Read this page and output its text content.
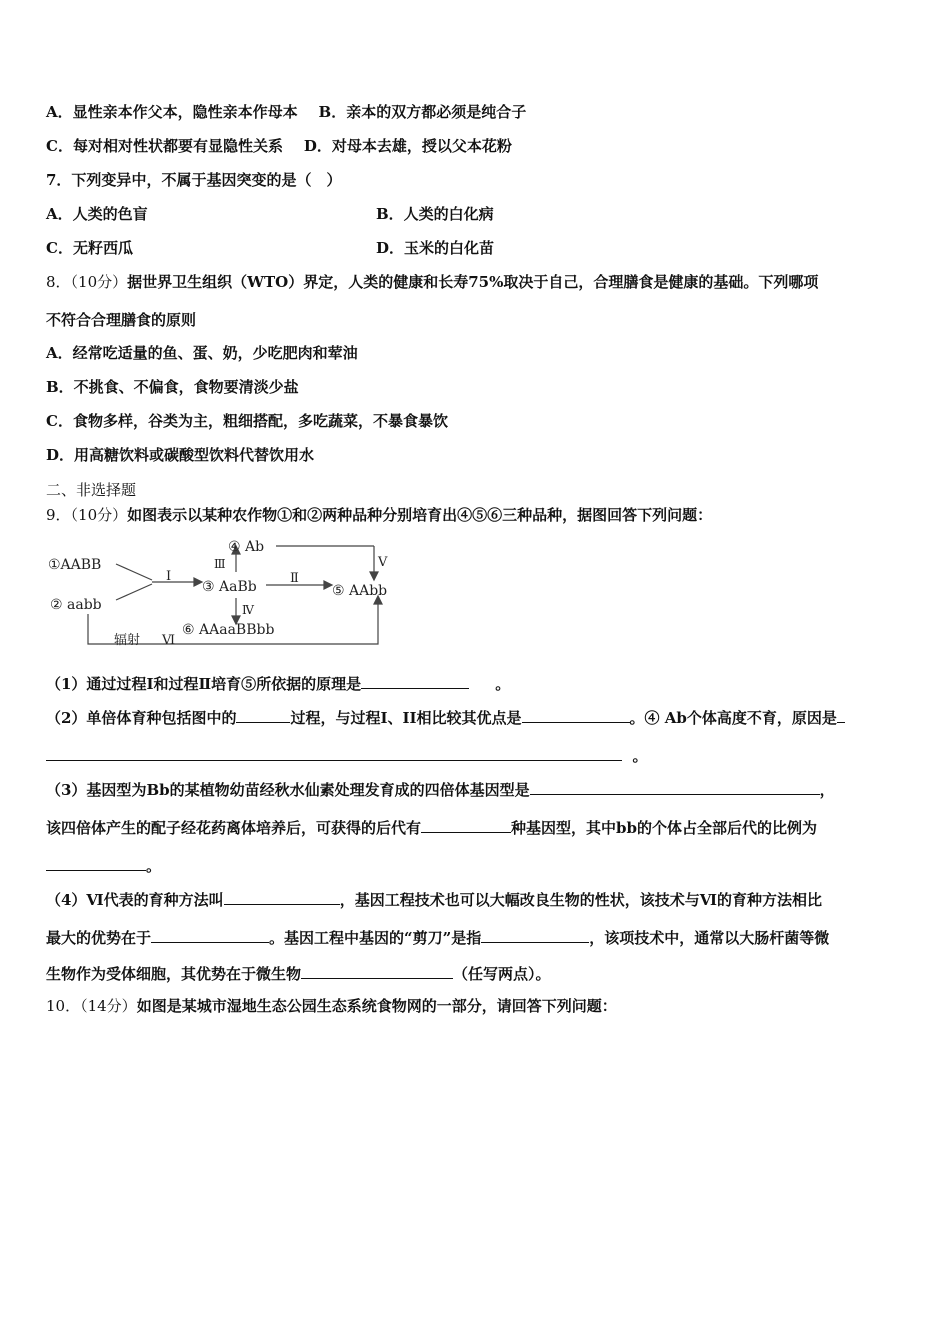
A．显性亲本作父本，隐性亲本作母本 B．亲本的双方都必须是纯合子
C．每对相对性状都要有显隐性关系 D．对母本去雄，授以父本花粉
7．下列变异中，不属于基因突变的是（　）
A．人类的色盲	B．人类的白化病
C．无籽西瓜	D．玉米的白化苗
8．（10分）据世界卫生组织（WTO）界定，人类的健康和长寿75%取决于自己，合理膳食是健康的基础。下列哪项
不符合合理膳食的原则
A．经常吃适量的鱼、蛋、奶，少吃肥肉和荤油
B．不挑食、不偏食，食物要清淡少盐
C．食物多样，谷类为主，粗细搭配，多吃蔬菜，不暴食暴饮
D．用高糖饮料或碳酸型饮料代替饮用水
二、非选择题
9．（10分）如图表示以某种农作物①和②两种品种分别培育出④⑤⑥三种品种，据图回答下列问题：
①AABB
② aabb
③ AaBb
④ Ab
⑤ AAbb
⑥ AAaaBBbb
Ⅰ	Ⅱ
Ⅲ
Ⅳ
Ⅴ
辐射 Ⅵ
（1）通过过程Ⅰ和过程Ⅱ培育⑤所依据的原理是	。
（2）单倍体育种包括图中的	过程，与过程I、II相比较其优点是	。④ Ab个体高度不育，原因是
。
（3）基因型为Bb的某植物幼苗经秋水仙素处理发育成的四倍体基因型是	，
该四倍体产生的配子经花药离体培养后，可获得的后代有	种基因型，其中bb的个体占全部后代的比例为
。
（4）Ⅵ代表的育种方法叫	，基因工程技术也可以大幅改良生物的性状，该技术与Ⅵ的育种方法相比
最大的优势在于	。基因工程中基因的“剪刀”是指	，该项技术中，通常以大肠杆菌等微
生物作为受体细胞，其优势在于微生物	（任写两点）。
10．（14分）如图是某城市湿地生态公园生态系统食物网的一部分，请回答下列问题：
